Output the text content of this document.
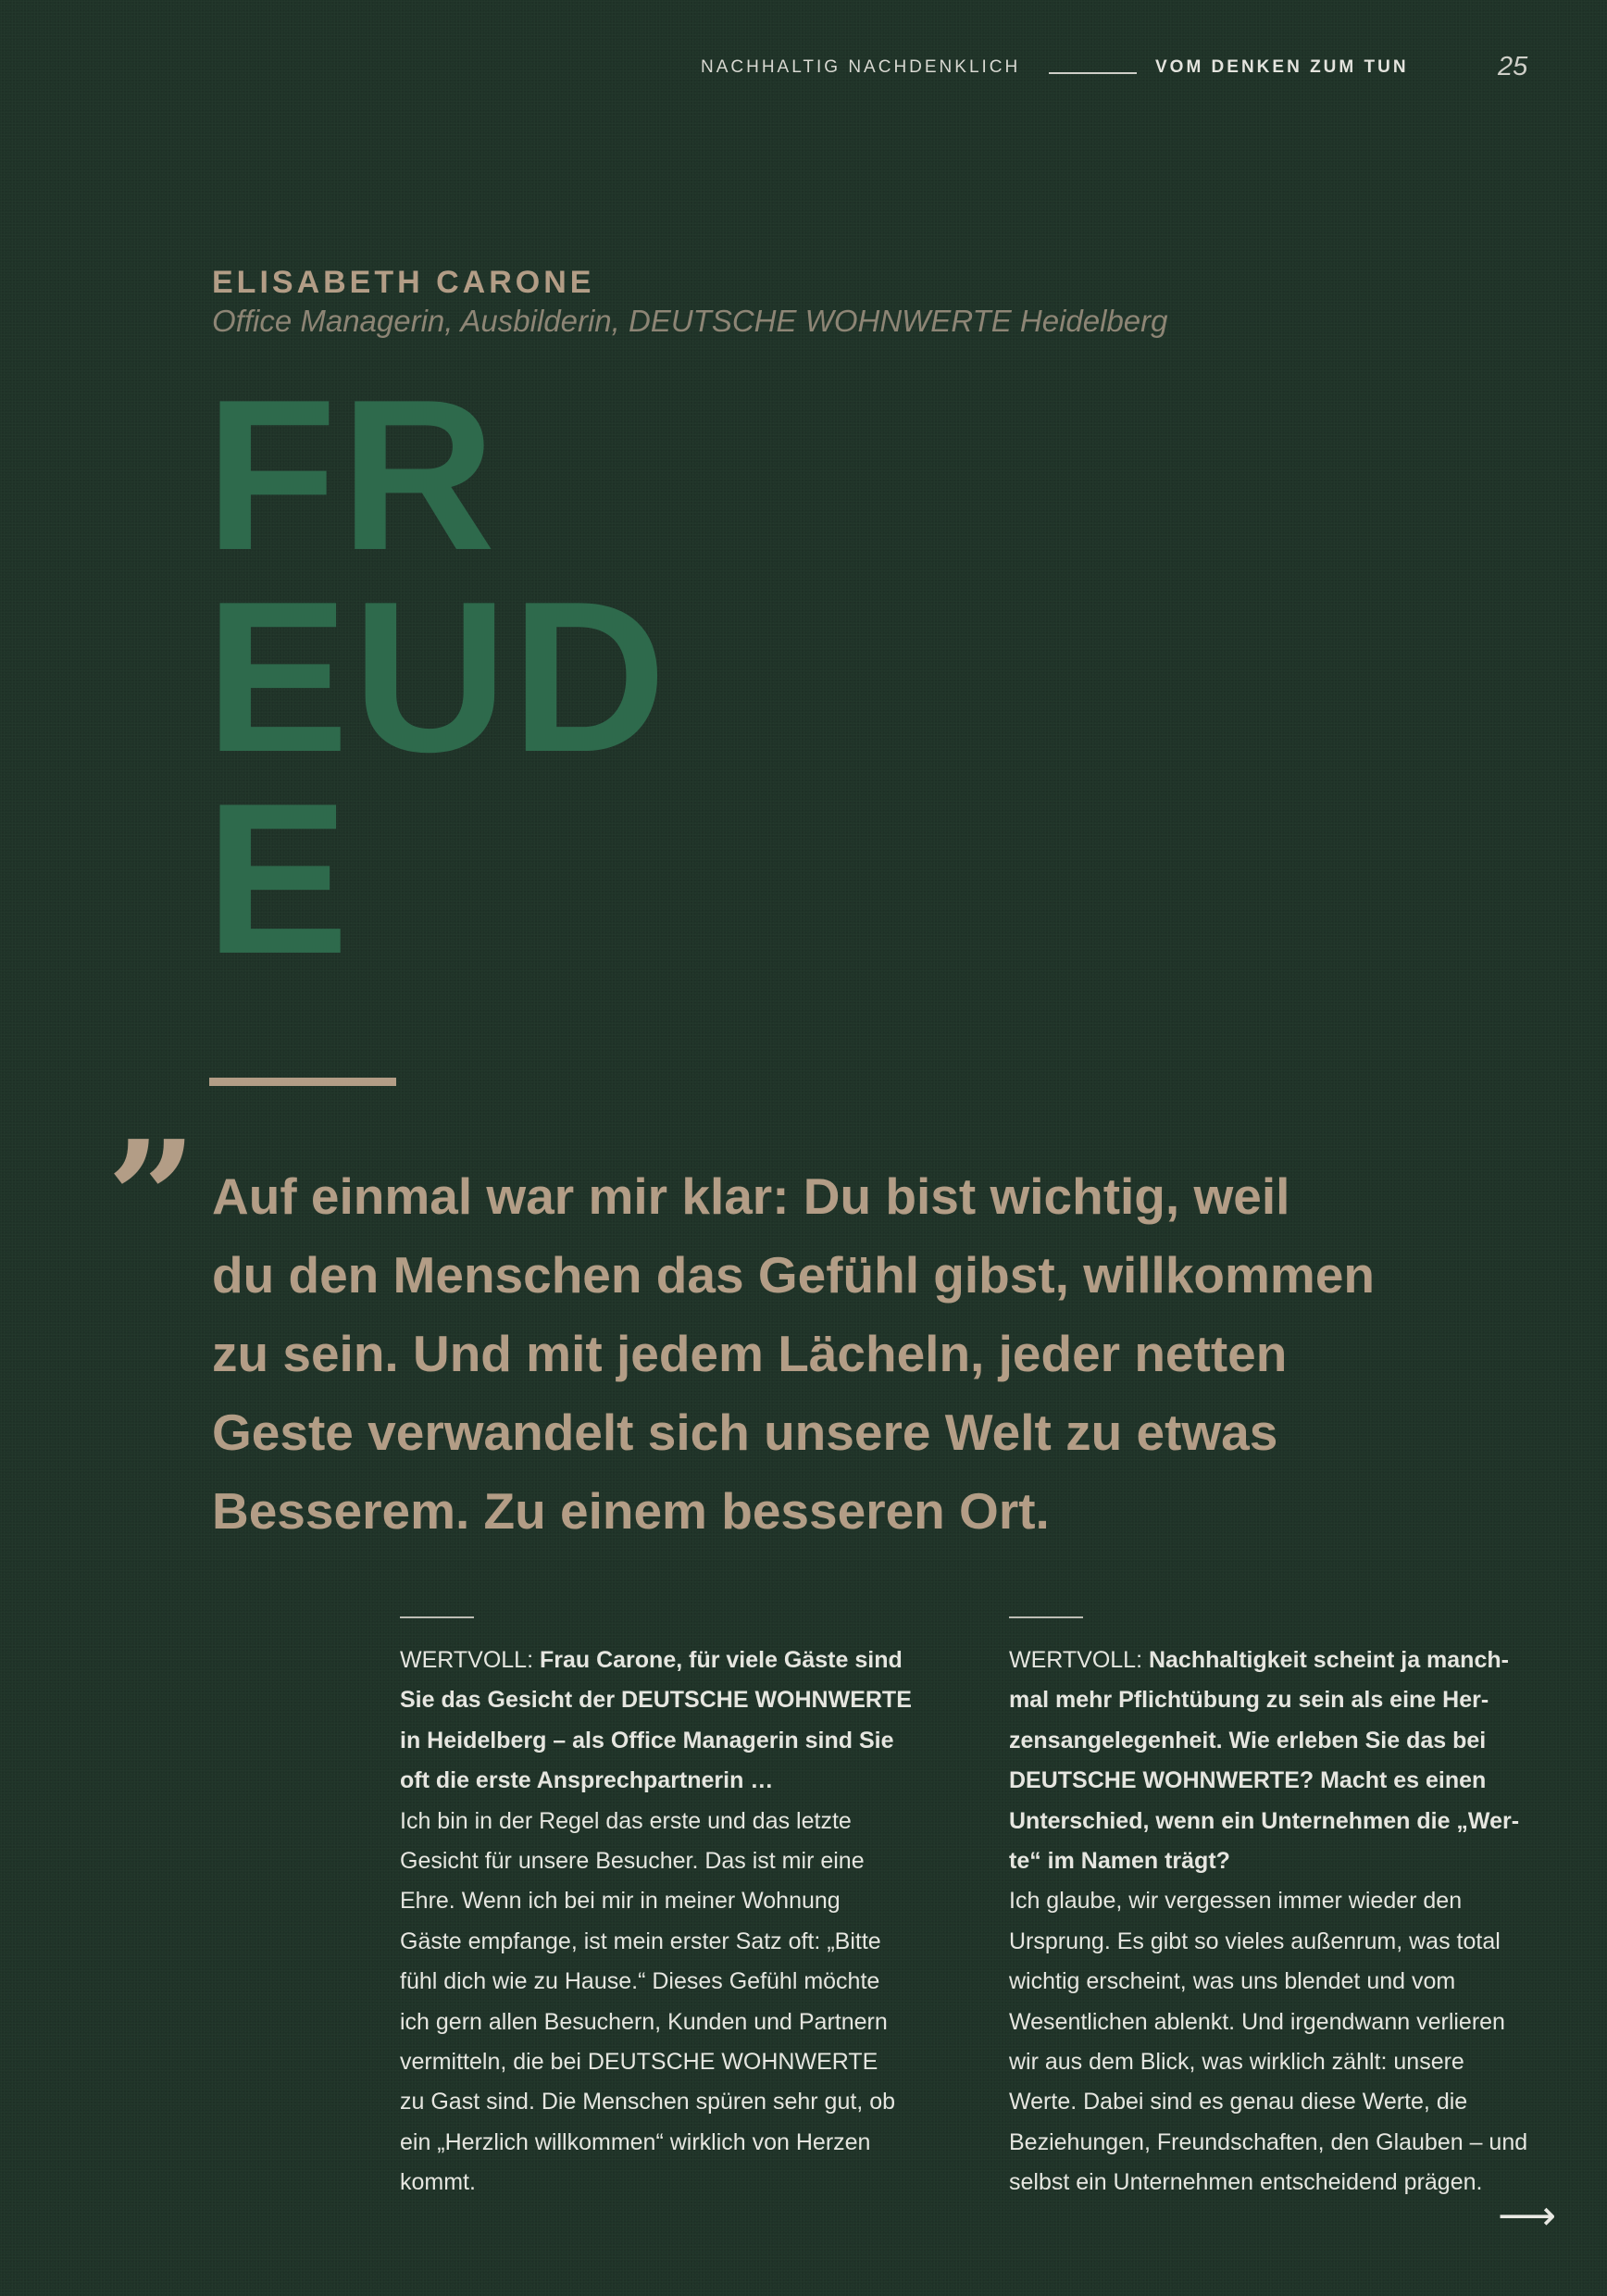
NACHHALTIG NACHDENKLICH	VOM DENKEN ZUM TUN	25
ELISABETH CARONE
Office Managerin, Ausbilderin, DEUTSCHE WOHNWERTE Heidelberg
FR
EUD
E
” Auf einmal war mir klar: Du bist wichtig, weil
du den Menschen das Gefühl gibst, willkommen
zu sein. Und mit jedem Lächeln, jeder netten
Geste verwandelt sich unsere Welt zu etwas
Besserem. Zu einem besseren Ort.
WERTVOLL: Frau Carone, für viele Gäste sind
Sie das Gesicht der DEUTSCHE WOHNWERTE
in Heidelberg – als Office Managerin sind Sie
oft die erste Ansprechpartnerin …
Ich bin in der Regel das erste und das letzte
Gesicht für unsere Besucher. Das ist mir eine
Ehre. Wenn ich bei mir in meiner Wohnung
Gäste empfange, ist mein erster Satz oft: „Bitte
fühl dich wie zu Hause.“ Dieses Gefühl möchte
ich gern allen Besuchern, Kunden und Partnern
vermitteln, die bei DEUTSCHE WOHNWERTE
zu Gast sind. Die Menschen spüren sehr gut, ob
ein „Herzlich willkommen“ wirklich von Herzen
kommt.
WERTVOLL: Nachhaltigkeit scheint ja manch-
mal mehr Pflichtübung zu sein als eine Her-
zensangelegenheit. Wie erleben Sie das bei
DEUTSCHE WOHNWERTE? Macht es einen
Unterschied, wenn ein Unternehmen die „Wer-
te“ im Namen trägt?
Ich glaube, wir vergessen immer wieder den
Ursprung. Es gibt so vieles außenrum, was total
wichtig erscheint, was uns blendet und vom
Wesentlichen ablenkt. Und irgendwann verlieren
wir aus dem Blick, was wirklich zählt: unsere
Werte. Dabei sind es genau diese Werte, die
Beziehungen, Freundschaften, den Glauben – und
selbst ein Unternehmen entscheidend prägen.
⟶
